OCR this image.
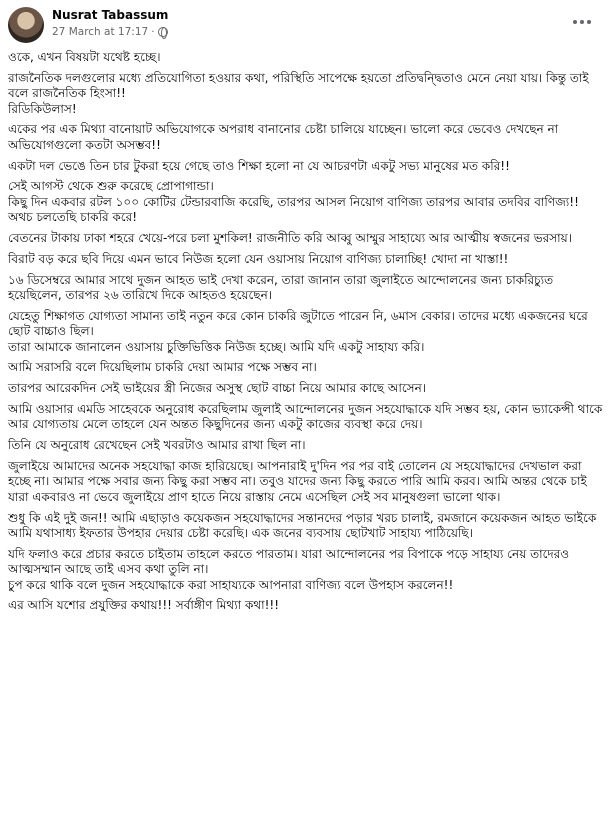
Nusrat Tabassum
27 March at 17:17 ·

ওকে, এখন বিষয়টা যথেষ্ট হচ্ছে।

রাজনৈতিক দলগুলোর মধ্যে প্রতিযোগিতা হওয়ার কথা, পরিস্থিতি সাপেক্ষে হয়তো প্রতিদ্বন্দ্বিতাও মেনে নেয়া যায়। কিন্তু তাই বলে রাজনৈতিক হিংসা!!
রিডিকিউলাস!

একের পর এক মিথ্যা বানোয়াট অভিযোগকে অপরাধ বানানোর চেষ্টা চালিয়ে যাচ্ছেন। ভালো করে ভেবেও দেখছেন না অভিযোগগুলো কতটা অসম্ভব!!

একটা দল ভেঙে তিন চার টুকরা হয়ে গেছে তাও শিক্ষা হলো না যে আচরণটা একটু সভ্য মানুষের মত করি!!

সেই আগস্ট থেকে শুরু করেছে প্রোপাগান্ডা।
কিছু দিন একবার রটল ১০০ কোটির টেন্ডারবাজি করেছি, তারপর আসল নিয়োগ বাণিজ্য তারপর আবার তদবির বাণিজ্য!!
অথচ চলতেছি চাকরি করে!

বেতনের টাকায় ঢাকা শহরে খেয়ে-পরে চলা মুশকিল! রাজনীতি করি আব্বু আম্মুর সাহায্যে আর আত্মীয় স্বজনের ভরসায়।

বিরাট বড় করে ছবি দিয়ে এমন ভাবে নিউজ হলো যেন ওয়াসায় নিয়োগ বাণিজ্য চালাচ্ছি! খোদা না খাস্তা!!

১৬ ডিসেম্বরে আমার সাথে দুজন আহত ভাই দেখা করেন, তারা জানান তারা জুলাইতে আন্দোলনের জন্য চাকরিচ্যুত হয়েছিলেন, তারপর ২৬ তারিখে দিকে আহতও হয়েছেন।

যেহেতু শিক্ষাগত যোগ্যতা সামান্য তাই নতুন করে কোন চাকরি জুটাতে পারেন নি, ৬মাস বেকার। তাদের মধ্যে একজনের ঘরে ছোট বাচ্চাও ছিল।
তারা আমাকে জানালেন ওয়াসায় চুক্তিভিত্তিক নিউজ হচ্ছে। আমি যদি একটু সাহায্য করি।

আমি সরাসরি বলে দিয়েছিলাম চাকরি দেয়া আমার পক্ষে সম্ভব না।

তারপর আরেকদিন সেই ভাইয়ের স্ত্রী নিজের অসুস্থ ছোট বাচ্চা নিয়ে আমার কাছে আসেন।

আমি ওয়াসার এমডি সাহেবকে অনুরোধ করেছিলাম জুলাই আন্দোলনের দুজন সহযোদ্ধাকে যদি সম্ভব হয়, কোন ভ্যাকেন্সী থাকে আর যোগ্যতায় মেলে তাহলে যেন অন্তত কিছুদিনের জন্য একটু কাজের ব্যবস্থা করে দেয়।

তিনি যে অনুরোধ রেখেছেন সেই খবরটাও আমার রাখা ছিল না।

জুলাইয়ে আমাদের অনেক সহযোদ্ধা কাজ হারিয়েছে। আপনারাই দু'দিন পর পর বাই তোলেন যে সহযোদ্ধাদের দেখভাল করা হচ্ছে না। আমার পক্ষে সবার জন্য কিছু করা সম্ভব না। তবুও যাদের জন্য কিছু করতে পারি আমি করব। আমি অন্তর থেকে চাই যারা একবারও না ভেবে জুলাইয়ে প্রাণ হাতে নিয়ে রাস্তায় নেমে এসেছিল সেই সব মানুষগুলা ভালো থাক।

শুধু কি এই দুই জন!! আমি এছাড়াও কয়েকজন সহযোদ্ধাদের সন্তানদের পড়ার খরচ চালাই, রমজানে কয়েকজন আহত ভাইকে আমি যথাসাধ্য ইফতার উপহার দেয়ার চেষ্টা করেছি। এক জনের ব্যবসায় ছোটখাট সাহায্য পাঠিয়েছি।

যদি ফলাও করে প্রচার করতে চাইতাম তাহলে করতে পারতাম। যারা আন্দোলনের পর বিপাকে পড়ে সাহায্য নেয় তাদেরও আত্মসম্মান আছে তাই এসব কথা তুলি না।
চুপ করে থাকি বলে দুজন সহযোদ্ধাকে করা সাহায্যকে আপনারা বাণিজ্য বলে উপহাস করলেন!!

এর আসি যশোর প্রযুক্তির কথায়!!! সর্বাঙ্গীণ মিথ্যা কথা!!!
